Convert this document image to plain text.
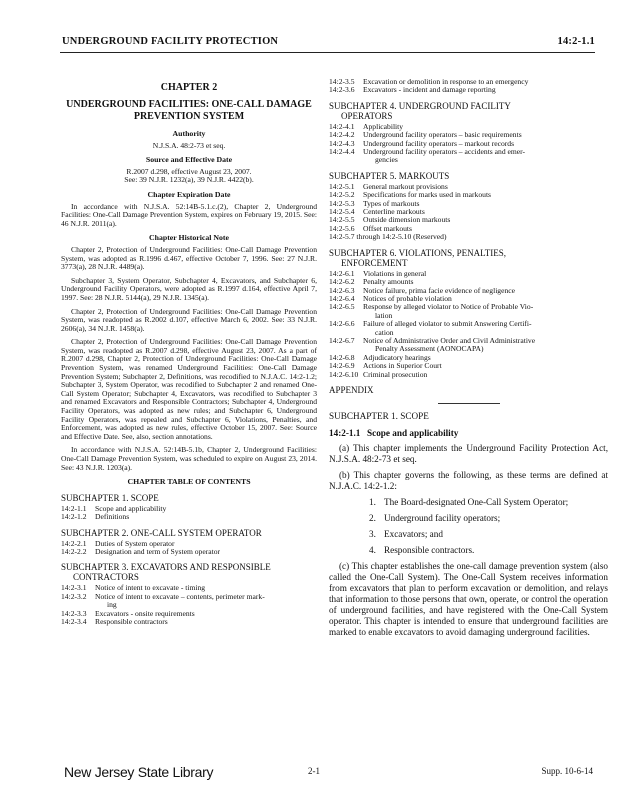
UNDERGROUND FACILITY PROTECTION	14:2-1.1
CHAPTER 2
UNDERGROUND FACILITIES: ONE-CALL DAMAGE PREVENTION SYSTEM
Authority
N.J.S.A. 48:2-73 et seq.
Source and Effective Date
R.2007 d.298, effective August 23, 2007.
See: 39 N.J.R. 1232(a), 39 N.J.R. 4422(b).
Chapter Expiration Date
In accordance with N.J.S.A. 52:14B-5.1.c.(2), Chapter 2, Underground Facilities: One-Call Damage Prevention System, expires on February 19, 2015. See: 46 N.J.R. 2011(a).
Chapter Historical Note
Chapter 2, Protection of Underground Facilities: One-Call Damage Prevention System, was adopted as R.1996 d.467, effective October 7, 1996. See: 27 N.J.R. 3773(a), 28 N.J.R. 4489(a).
Subchapter 3, System Operator, Subchapter 4, Excavators, and Subchapter 6, Underground Facility Operators, were adopted as R.1997 d.164, effective April 7, 1997. See: 28 N.J.R. 5144(a), 29 N.J.R. 1345(a).
Chapter 2, Protection of Underground Facilities: One-Call Damage Prevention System, was readopted as R.2002 d.107, effective March 6, 2002. See: 33 N.J.R. 2606(a), 34 N.J.R. 1458(a).
Chapter 2, Protection of Underground Facilities: One-Call Damage Prevention System, was readopted as R.2007 d.298, effective August 23, 2007. As a part of R.2007 d.298, Chapter 2, Protection of Underground Facilities: One-Call Damage Prevention System, was renamed Underground Facilities: One-Call Damage Prevention System; Subchapter 2, Definitions, was recodified to N.J.A.C. 14:2-1.2; Subchapter 3, System Operator, was recodified to Subchapter 2 and renamed One-Call System Operator; Subchapter 4, Excavators, was recodified to Subchapter 3 and renamed Excavators and Responsible Contractors; Subchapter 4, Underground Facility Operators, was adopted as new rules; and Subchapter 6, Underground Facility Operators, was repealed and Subchapter 6, Violations, Penalties, and Enforcement, was adopted as new rules, effective October 15, 2007. See: Source and Effective Date. See, also, section annotations.
In accordance with N.J.S.A. 52:14B-5.1b, Chapter 2, Underground Facilities: One-Call Damage Prevention System, was scheduled to expire on August 23, 2014. See: 43 N.J.R. 1203(a).
CHAPTER TABLE OF CONTENTS
SUBCHAPTER 1. SCOPE
14:2-1.1	Scope and applicability
14:2-1.2	Definitions
SUBCHAPTER 2. ONE-CALL SYSTEM OPERATOR
14:2-2.1	Duties of System operator
14:2-2.2	Designation and term of System operator
SUBCHAPTER 3. EXCAVATORS AND RESPONSIBLE
CONTRACTORS
14:2-3.1	Notice of intent to excavate - timing
14:2-3.2	Notice of intent to excavate – contents, perimeter mark-
ing
14:2-3.3	Excavators - onsite requirements
14:2-3.4	Responsible contractors
14:2-3.5	Excavation or demolition in response to an emergency
14:2-3.6	Excavators - incident and damage reporting
SUBCHAPTER 4. UNDERGROUND FACILITY
OPERATORS
14:2-4.1	Applicability
14:2-4.2	Underground facility operators – basic requirements
14:2-4.3	Underground facility operators – markout records
14:2-4.4	Underground facility operators – accidents and emer-
gencies
SUBCHAPTER 5. MARKOUTS
14:2-5.1	General markout provisions
14:2-5.2	Specifications for marks used in markouts
14:2-5.3	Types of markouts
14:2-5.4	Centerline markouts
14:2-5.5	Outside dimension markouts
14:2-5.6	Offset markouts
14:2-5.7 through 14:2-5.10 (Reserved)
SUBCHAPTER 6. VIOLATIONS, PENALTIES,
ENFORCEMENT
14:2-6.1	Violations in general
14:2-6.2	Penalty amounts
14:2-6.3	Notice failure, prima facie evidence of negligence
14:2-6.4	Notices of probable violation
14:2-6.5	Response by alleged violator to Notice of Probable Vio-
lation
14:2-6.6	Failure of alleged violator to submit Answering Certifi-
cation
14:2-6.7	Notice of Administrative Order and Civil Administrative
Penalty Assessment (AONOCAPA)
14:2-6.8	Adjudicatory hearings
14:2-6.9	Actions in Superior Court
14:2-6.10 Criminal prosecution
APPENDIX
SUBCHAPTER 1. SCOPE
14:2-1.1 Scope and applicability
(a) This chapter implements the Underground Facility Protection Act, N.J.S.A. 48:2-73 et seq.
(b) This chapter governs the following, as these terms are defined at N.J.A.C. 14:2-1.2:
1. The Board-designated One-Call System Operator;
2. Underground facility operators;
3. Excavators; and
4. Responsible contractors.
(c) This chapter establishes the one-call damage prevention system (also called the One-Call System). The One-Call System receives information from excavators that plan to perform excavation or demolition, and relays that information to those persons that own, operate, or control the operation of underground facilities, and have registered with the One-Call System operator. This chapter is intended to ensure that underground facilities are marked to enable excavators to avoid damaging underground facilities.
New Jersey State Library	2-1	Supp. 10-6-14
